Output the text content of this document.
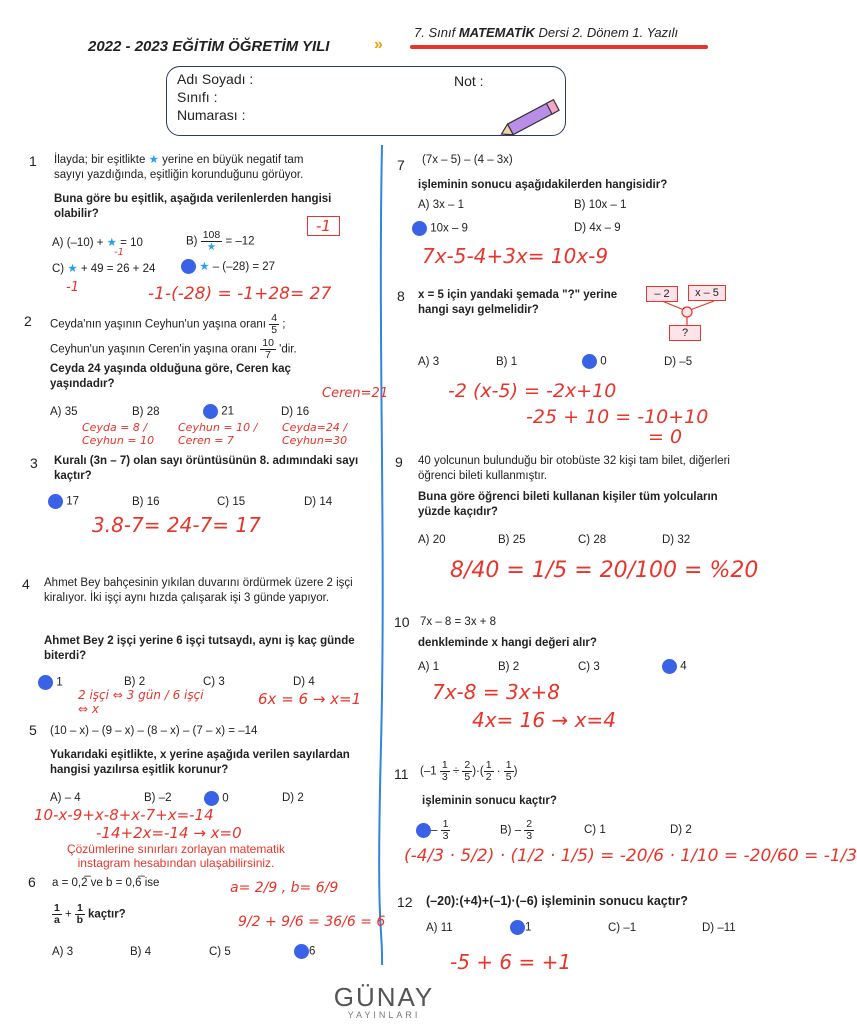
2022 - 2023 EĞİTİM ÖĞRETİM YILI	»
7. Sınıf MATEMATİK Dersi 2. Dönem 1. Yazılı
Adı Soyadı :
Sınıfı :
Numarası :
Not :
1 İlayda; bir eşitlikte ★ yerine en büyük negatif tam
sayıyı yazdığında, eşitliğin korunduğunu görüyor.
Buna göre bu eşitlik, aşağıda verilenlerden hangisi olabilir?
A) (–10) + ★ = 10	$B) \frac{108}{★} = -12$
C) ★ + 49 = 26 + 24	★ – (–28) = 27
-1
-1
-1	-1-(-28) = -1+28= 27
2 Ceyda'nın yaşının Ceyhun'un yaşına oranı $\frac{4}{5}$ ;
Ceyhun'un yaşının Ceren'in yaşına oranı $\frac{10}{7}$ 'dir.
Ceyda 24 yaşında olduğuna göre, Ceren kaç yaşındadır?
A) 35	B) 28	21	D) 16
Ceren=21
Ceyda = 8 / Ceyhun = 10
Ceyhun = 10 / Ceren = 7
Ceyda=24 / Ceyhun=30
3 Kuralı (3n – 7) olan sayı örüntüsünün 8. adımındaki sayı kaçtır?
17	B) 16	C) 15	D) 14
3.8-7= 24-7= 17
4 Ahmet Bey bahçesinin yıkılan duvarını ördürmek üzere 2 işçi kiralıyor. İki işçi aynı hızda çalışarak işi 3 günde yapıyor.
Ahmet Bey 2 işçi yerine 6 işçi tutsaydı, aynı iş kaç günde biterdi?
1	B) 2	C) 3	D) 4
2 işçi ⇔ 3 gün / 6 işçi ⇔ x
6x = 6 → x=1
5 (10 – x) – (9 – x) – (8 – x) – (7 – x) = –14
Yukarıdaki eşitlikte, x yerine aşağıda verilen sayılardan hangisi yazılırsa eşitlik korunur?
A) – 4	B) –2	0	D) 2
10-x-9+x-8+x-7+x=-14
-14+2x=-14 → x=0
Çözümlerine sınırları zorlayan matematik instagram hesabından ulaşabilirsiniz.
6 a = 0,2̅ ve b = 0,6̅ ise
$\frac{1}{a} + \frac{1}{b}$ kaçtır?
A) 3	B) 4	C) 5	6
a= 2/9 , b= 6/9
9/2 + 9/6 = 36/6 = 6
7 (7x – 5) – (4 – 3x)
işleminin sonucu aşağıdakilerden hangisidir?
A) 3x – 1	B) 10x – 1
10x – 9	D) 4x – 9
7x-5-4+3x= 10x-9
8 x = 5 için yandaki şemada "?" yerine hangi sayı gelmelidir?
– 2	x – 5
·
?
A) 3	B) 1	0	D) –5
-2 (x-5) = -2x+10
-25 + 10 = -10+10
= 0
9 40 yolcunun bulunduğu bir otobüste 32 kişi tam bilet, diğerleri öğrenci bileti kullanmıştır.
Buna göre öğrenci bileti kullanan kişiler tüm yolcuların yüzde kaçıdır?
A) 20	B) 25	C) 28	D) 32
8/40 = 1/5 = 20/100 = %20
10 7x – 8 = 3x + 8
denkleminde x hangi değeri alır?
A) 1	B) 2	C) 3	4
7x-8 = 3x+8
4x= 16 → x=4
11 ($-1 \frac{1}{3} \div \frac{2}{5}$ )·( $\frac{1}{2} \cdot \frac{1}{5}$ )
işleminin sonucu kaçtır?
– $\frac{1}{3}$	$B) - \frac{2}{3}$	C) 1	D) 2
(-4/3 · 5/2) · (1/2 · 1/5) = -20/6 · 1/10 = -20/60 = -1/3
12 (–20):(+4)+(–1)·(–6) işleminin sonucu kaçtır?
A) 11	1	C) –1	D) –11
-5 + 6 = +1
GÜNAY
YAYINLARI
